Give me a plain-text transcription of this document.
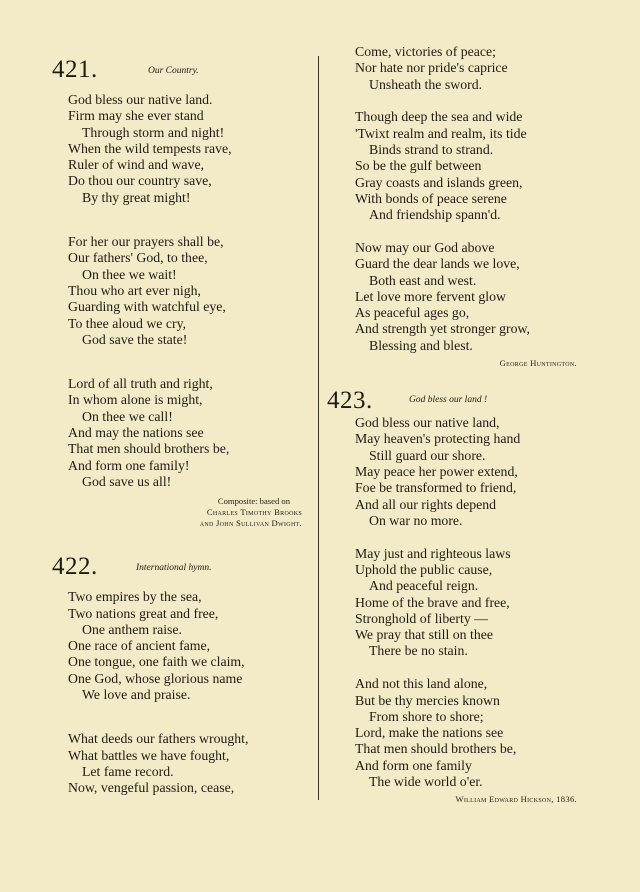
421.	Our Country.
God bless our native land.
Firm may she ever stand
Through storm and night!
When the wild tempests rave,
Ruler of wind and wave,
Do thou our country save,
By thy great might!
For her our prayers shall be,
Our fathers' God, to thee,
On thee we wait!
Thou who art ever nigh,
Guarding with watchful eye,
To thee aloud we cry,
God save the state!
Lord of all truth and right,
In whom alone is might,
On thee we call!
And may the nations see
That men should brothers be,
And form one family!
God save us all!
Composite: based on
Charles Timothy Brooks
and John Sullivan Dwight.
422.	International hymn.
Two empires by the sea,
Two nations great and free,
One anthem raise.
One race of ancient fame,
One tongue, one faith we claim,
One God, whose glorious name
We love and praise.
What deeds our fathers wrought,
What battles we have fought,
Let fame record.
Now, vengeful passion, cease,
Come, victories of peace;
Nor hate nor pride's caprice
Unsheath the sword.
Though deep the sea and wide
'Twixt realm and realm, its tide
Binds strand to strand.
So be the gulf between
Gray coasts and islands green,
With bonds of peace serene
And friendship spann'd.
Now may our God above
Guard the dear lands we love,
Both east and west.
Let love more fervent glow
As peaceful ages go,
And strength yet stronger grow,
Blessing and blest.
George Huntington.
423.	God bless our land !
God bless our native land,
May heaven's protecting hand
Still guard our shore.
May peace her power extend,
Foe be transformed to friend,
And all our rights depend
On war no more.
May just and righteous laws
Uphold the public cause,
And peaceful reign.
Home of the brave and free,
Stronghold of liberty —
We pray that still on thee
There be no stain.
And not this land alone,
But be thy mercies known
From shore to shore;
Lord, make the nations see
That men should brothers be,
And form one family
The wide world o'er.
William Edward Hickson, 1836.
